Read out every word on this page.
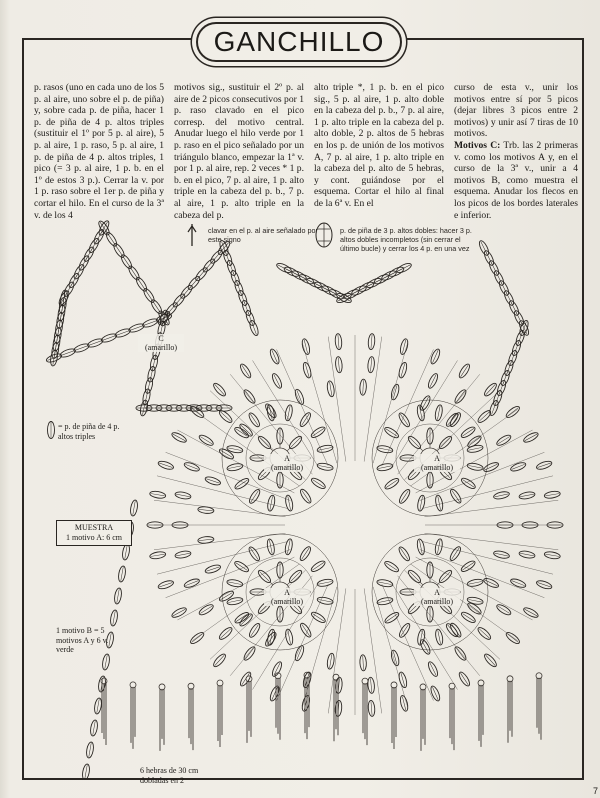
GANCHILLO

p. rasos (uno en cada uno de los 5 p. al aire, uno sobre el p. de piña) y, sobre cada p. de piña, hacer 1 p. de piña de 4 p. altos triples (sustituir el 1º por 5 p. al aire), 5 p. al aire, 1 p. raso, 5 p. al aire, 1 p. de piña de 4 p. altos triples, 1 pico (= 3 p. al aire, 1 p. b. en el 1º de estos 3 p.). Cerrar la v. por 1 p. raso sobre el 1er p. de piña y cortar el hilo. En el curso de la 3ª v. de los 4

motivos sig., sustituir el 2º p. al aire de 2 picos consecutivos por 1 p. raso clavado en el pico corresp. del motivo central. Anudar luego el hilo verde por 1 p. raso en el pico señalado por un triángulo blanco, empezar la 1ª v. por 1 p. al aire, rep. 2 veces * 1 p. b. en el pico, 7 p. al aire, 1 p. alto triple en la cabeza del p. b., 7 p. al aire, 1 p. alto triple en la cabeza del p.

alto triple *, 1 p. b. en el pico sig., 5 p. al aire, 1 p. alto doble en la cabeza del p. b., 7 p. al aire, 1 p. alto triple en la cabeza del p. alto doble, 2 p. altos de 5 hebras en los p. de unión de los motivos A, 7 p. al aire, 1 p. alto triple en la cabeza del p. alto de 5 hebras, y cont. guiándose por el esquema. Cortar el hilo al final de la 6ª v. En el

curso de esta v., unir los motivos entre sí por 5 picos (dejar libres 3 picos entre 2 motivos) y unir así 7 tiras de 10 motivos.

Motivos C: Trb. las 2 primeras v. como los motivos A y, en el curso de la 3ª v., unir a 4 motivos B, como muestra el esquema. Anudar los flecos en los picos de los bordes laterales e inferior.

clavar en el p. al aire señalado por este signo
p. de piña de 3 p. altos dobles: hacer 3 p. altos dobles incompletos (sin cerrar el último bucle) y cerrar los 4 p. en una vez
= p. de piña de 4 p. altos triples
C
(amarillo)
A
(amarillo)
A
(amarillo)
A
(amarillo)
A
(amarillo)
MUESTRA
1 motivo A: 6 cm
1 motivo B = 5 motivos A y 6 v. verde
6 hebras de 30 cm dobladas en 2
7
